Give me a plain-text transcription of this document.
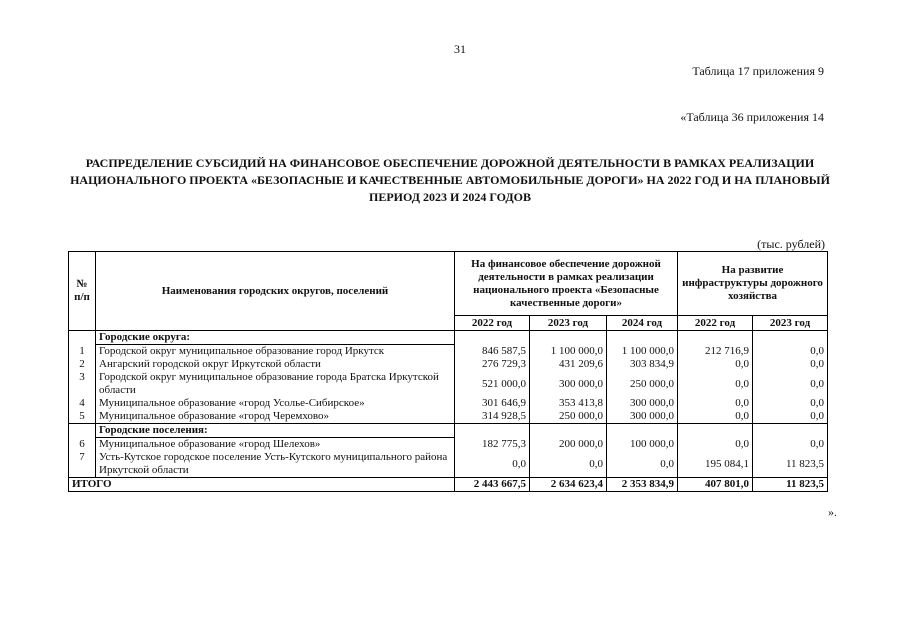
31
Таблица 17 приложения 9
«Таблица 36 приложения 14
РАСПРЕДЕЛЕНИЕ СУБСИДИЙ НА ФИНАНСОВОЕ ОБЕСПЕЧЕНИЕ ДОРОЖНОЙ ДЕЯТЕЛЬНОСТИ В РАМКАХ РЕАЛИЗАЦИИ НАЦИОНАЛЬНОГО ПРОЕКТА «БЕЗОПАСНЫЕ И КАЧЕСТВЕННЫЕ АВТОМОБИЛЬНЫЕ ДОРОГИ» НА 2022 ГОД И НА ПЛАНОВЫЙ ПЕРИОД 2023 И 2024 ГОДОВ
(тыс. рублей)
№ п/п	Наименования городских округов, поселений	На финансовое обеспечение дорожной деятельности в рамках реализации национального проекта «Безопасные качественные дороги»			На развитие инфраструктуры дорожного хозяйства	
		2022 год	2023 год	2024 год	2022 год	2023 год
	Городские округа:					
1	Городской округ муниципальное образование город Иркутск	846 587,5	1 100 000,0	1 100 000,0	212 716,9	0,0
2	Ангарский городской округ Иркутской области	276 729,3	431 209,6	303 834,9	0,0	0,0
3	Городской округ муниципальное образование города Братска Иркутской области	521 000,0	300 000,0	250 000,0	0,0	0,0
4	Муниципальное образование «город Усолье-Сибирское»	301 646,9	353 413,8	300 000,0	0,0	0,0
5	Муниципальное образование «город Черемхово»	314 928,5	250 000,0	300 000,0	0,0	0,0
	Городские поселения:					
6	Муниципальное образование «город Шелехов»	182 775,3	200 000,0	100 000,0	0,0	0,0
7	Усть-Кутское городское поселение Усть-Кутского муниципального района Иркутской области	0,0	0,0	0,0	195 084,1	11 823,5
ИТОГО		2 443 667,5	2 634 623,4	2 353 834,9	407 801,0	11 823,5
».
